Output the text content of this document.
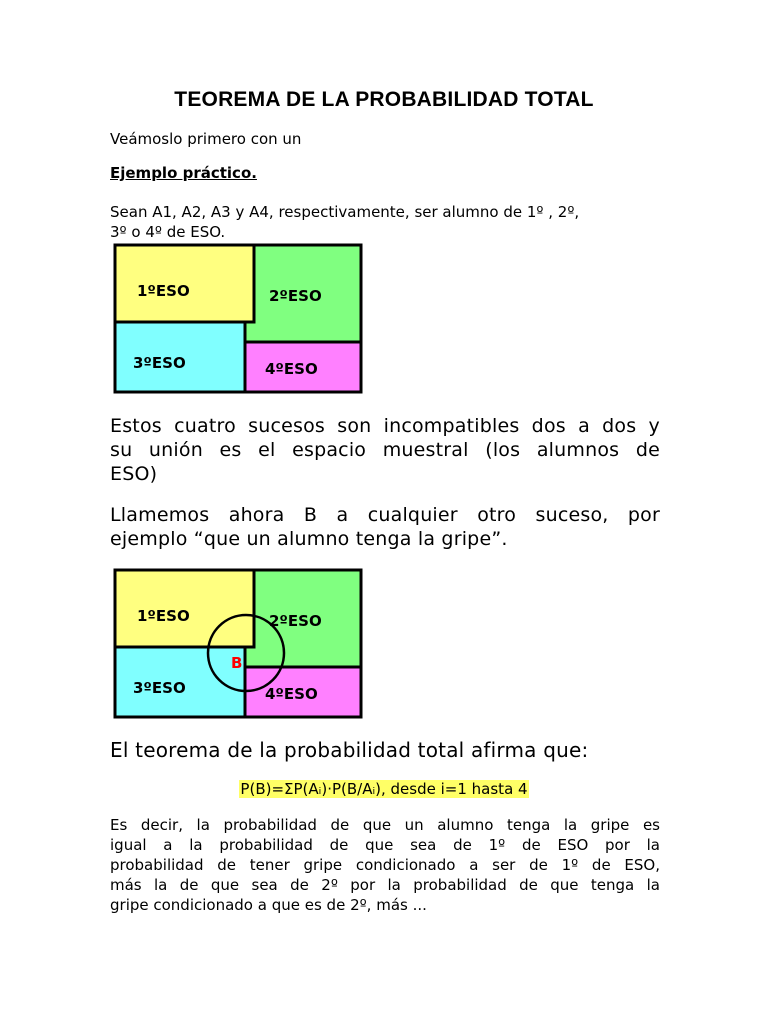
TEOREMA DE LA PROBABILIDAD TOTAL
Veámoslo primero con un
Ejemplo práctico.
Sean A1, A2, A3 y A4, respectivamente, ser alumno de 1º , 2º,
3º o 4º de ESO.
1ºESO	2ºESO
3ºESO	4ºESO
Estos cuatro sucesos son incompatibles dos a dos y
su unión es el espacio muestral (los alumnos de
ESO)
Llamemos ahora B a cualquier otro suceso, por
ejemplo “que un alumno tenga la gripe”.
1ºESO	2ºESO
3ºESO	4ºESO
B
El teorema de la probabilidad total afirma que:
P(B)=ΣP(Aᵢ)·P(B/Aᵢ), desde i=1 hasta 4
Es decir, la probabilidad de que un alumno tenga la gripe es
igual a la probabilidad de que sea de 1º de ESO por la
probabilidad de tener gripe condicionado a ser de 1º de ESO,
más la de que sea de 2º por la probabilidad de que tenga la
gripe condicionado a que es de 2º, más ...
